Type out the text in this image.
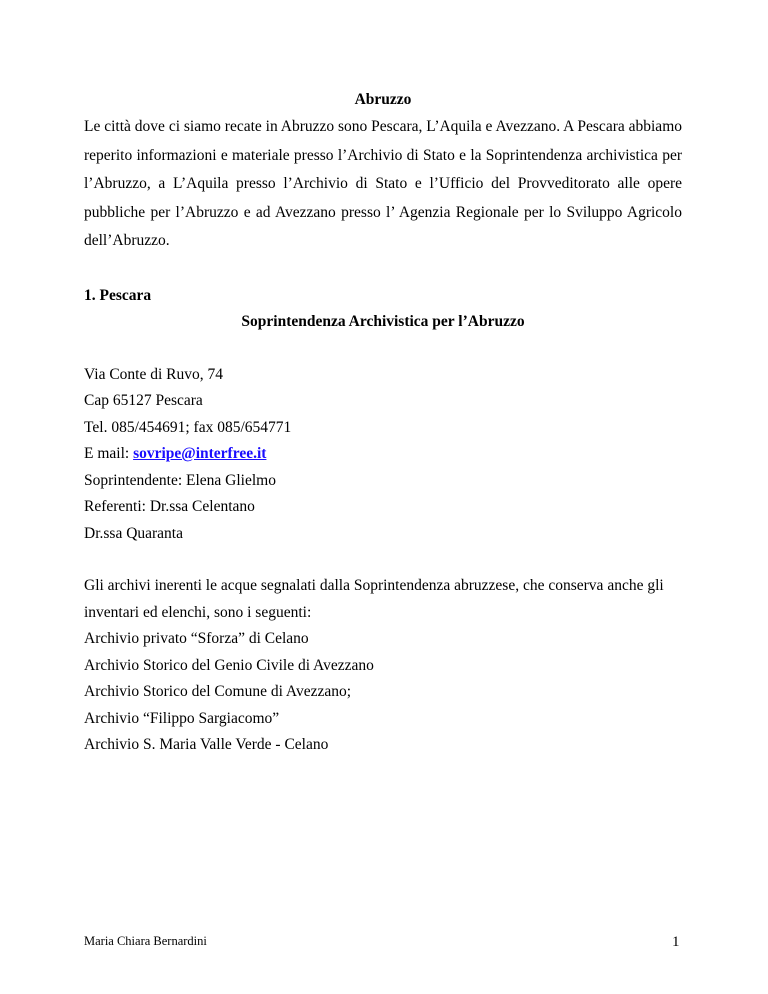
Abruzzo

Le città dove ci siamo recate in Abruzzo sono Pescara, L’Aquila e Avezzano. A Pescara abbiamo reperito informazioni e materiale presso l’Archivio di Stato e la Soprintendenza archivistica per l’Abruzzo, a L’Aquila presso l’Archivio di Stato e l’Ufficio del Provveditorato alle opere pubbliche per l’Abruzzo e ad Avezzano presso l’ Agenzia Regionale per lo Sviluppo Agricolo dell’Abruzzo.

1. Pescara
Soprintendenza Archivistica per l’Abruzzo
Via Conte di Ruvo, 74
Cap 65127 Pescara
Tel. 085/454691; fax 085/654771
E mail: sovripe@interfree.it
Soprintendente: Elena Glielmo
Referenti: Dr.ssa Celentano
Dr.ssa Quaranta

Gli archivi inerenti le acque segnalati dalla Soprintendenza abruzzese, che conserva anche gli inventari ed elenchi, sono i seguenti:

Archivio privato “Sforza” di Celano
Archivio Storico del Genio Civile di Avezzano
Archivio Storico del Comune di Avezzano;
Archivio “Filippo Sargiacomo”
Archivio S. Maria Valle Verde - Celano
Maria Chiara Bernardini	1
